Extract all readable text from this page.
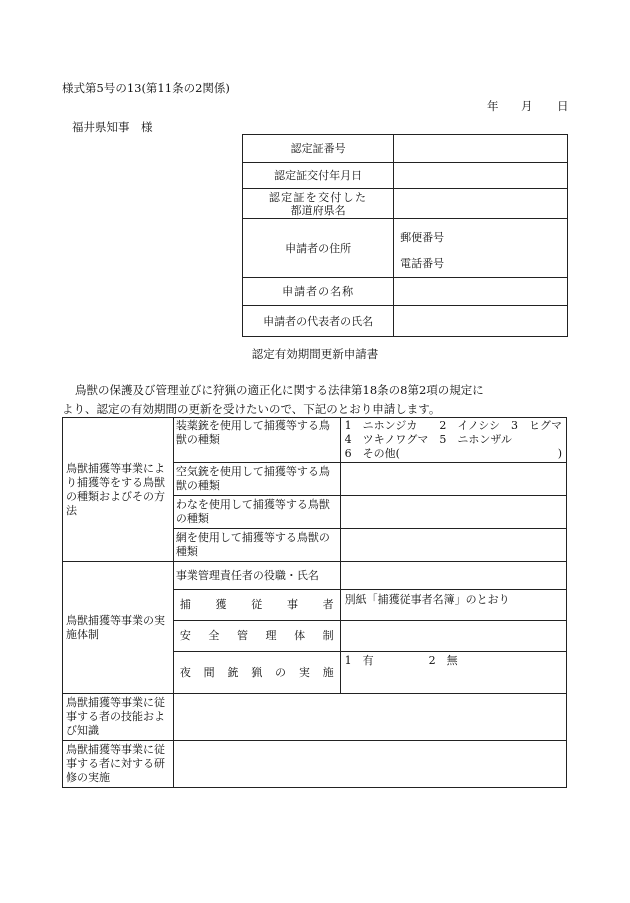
様式第5号の13(第11条の2関係)
年 月 日
福井県知事　様
認定証番号	
認定証交付年月日	

認定証を交付した
都道府県名	

申請者の住所	郵便番号
電話番号

申請者の名称	
申請者の代表者の氏名	
認定有効期間更新申請書
鳥獣の保護及び管理並びに狩猟の適正化に関する法律第18条の8第2項の規定に
より、認定の有効期間の更新を受けたいので、下記のとおり申請します。
鳥獣捕獲等事業により捕獲等をする鳥獣の種類およびその方法	装薬銃を使用して捕獲等する鳥獣の種類	1　ニホンジカ　　2　イノシシ　3　ヒグマ
4　ツキノワグマ　5　ニホンザル
6　その他( )

	空気銃を使用して捕獲等する鳥獣の種類	
	わなを使用して捕獲等する鳥獣の種類	
	網を使用して捕獲等する鳥獣の種類	
鳥獣捕獲等事業の実施体制	事業管理責任者の役職・氏名	
	捕獲従事者	別紙「捕獲従事者名簿」のとおり
	安全管理体制	
	夜間銃猟の実施	1　有 2　無
鳥獣捕獲等事業に従事する者の技能および知識		
鳥獣捕獲等事業に従事する者に対する研修の実施		
